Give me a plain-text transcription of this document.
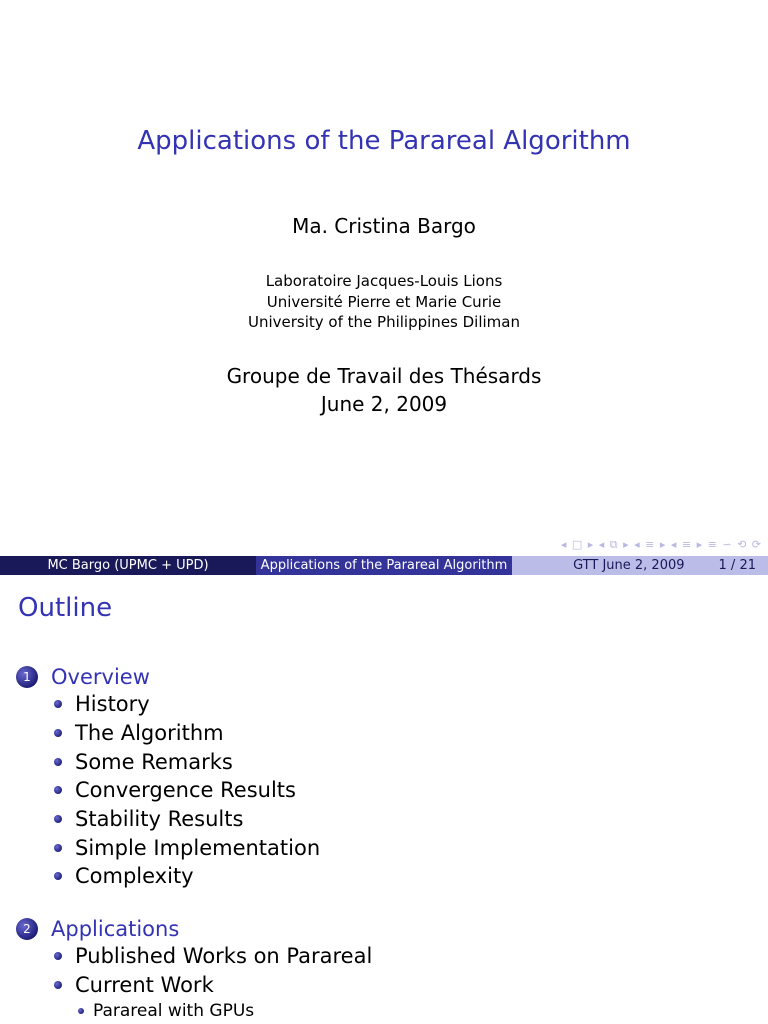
Applications of the Parareal Algorithm
Ma. Cristina Bargo
Laboratoire Jacques-Louis Lions
Université Pierre et Marie Curie
University of the Philippines Diliman
Groupe de Travail des Thésards
June 2, 2009
◂ □ ▸ ◂ ⧉ ▸ ◂ ≡ ▸ ◂ ≡ ▸ ≡ ∽ ⟲ ⟳
MC Bargo (UPMC + UPD)	Applications of the Parareal Algorithm	GTT June 2, 2009	1 / 21
Outline
1 Overview
History
The Algorithm
Some Remarks
Convergence Results
Stability Results
Simple Implementation
Complexity
2 Applications
Published Works on Parareal
Current Work
Parareal with GPUs
